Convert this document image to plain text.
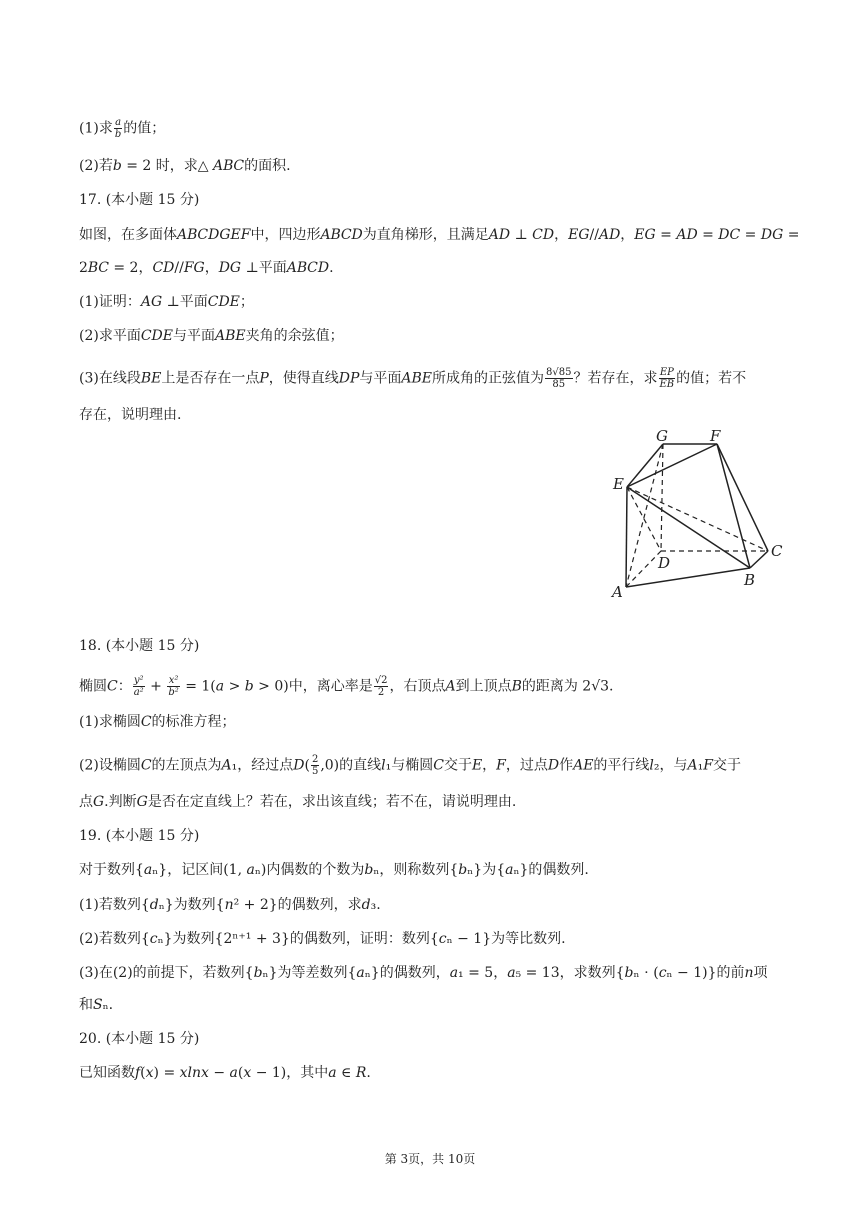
(1)求 $\frac{a}{b}$ 的值；
(2)若𝑏 = 2 时，求△ 𝐴𝐵𝐶的面积.
17. (本小题 15 分)
如图，在多面体𝐴𝐵𝐶𝐷𝐺𝐸𝐹中，四边形𝐴𝐵𝐶𝐷为直角梯形，且满足𝐴𝐷 ⊥ 𝐶𝐷，𝐸𝐺//𝐴𝐷，𝐸𝐺 = 𝐴𝐷 = 𝐷𝐶 = 𝐷𝐺 =
2𝐵𝐶 = 2，𝐶𝐷//𝐹𝐺，𝐷𝐺 ⊥平面𝐴𝐵𝐶𝐷.
(1)证明：𝐴𝐺 ⊥平面𝐶𝐷𝐸；
(2)求平面𝐶𝐷𝐸与平面𝐴𝐵𝐸夹角的余弦值；
(3)在线段𝐵𝐸上是否存在一点𝑃，使得直线𝐷𝑃与平面𝐴𝐵𝐸所成角的正弦值为 $\frac{8√85}{85}$ ？若存在，求 $\frac{EP}{EB}$ 的值；若不
存在，说明理由.
G	F
E
D
C
A
B
18. (本小题 15 分)
椭圆𝐶： $\frac{\text{y²}}{\text{a²}} + \frac{\text{x²}}{\text{b²}}$ = 1(𝑎 > 𝑏 > 0)中，离心率是 $\frac{√2}{2}$ ，右顶点𝐴到上顶点𝐵的距离为 2√3.
(1)求椭圆𝐶的标准方程；
(2)设椭圆𝐶的左顶点为𝐴₁，经过点𝐷( $\frac{2}{5} ,0$)的直线𝑙₁与椭圆𝐶交于𝐸，𝐹，过点𝐷作𝐴𝐸的平行线𝑙₂，与𝐴₁𝐹交于
点𝐺.判断𝐺是否在定直线上？若在，求出该直线；若不在，请说明理由.
19. (本小题 15 分)
对于数列{𝑎ₙ}，记区间(1, 𝑎ₙ)内偶数的个数为𝑏ₙ，则称数列{𝑏ₙ}为{𝑎ₙ}的偶数列.
(1)若数列{𝑑ₙ}为数列{𝑛² + 2}的偶数列，求𝑑₃.
(2)若数列{𝑐ₙ}为数列{2ⁿ⁺¹ + 3}的偶数列，证明：数列{𝑐ₙ − 1}为等比数列.
(3)在(2)的前提下，若数列{𝑏ₙ}为等差数列{𝑎ₙ}的偶数列，𝑎₁ = 5，𝑎₅ = 13，求数列{𝑏ₙ ⋅ (𝑐ₙ − 1)}的前𝑛项
和𝑆ₙ.
20. (本小题 15 分)
已知函数𝑓(𝑥) = 𝑥𝑙𝑛𝑥 − 𝑎(𝑥 − 1)，其中𝑎 ∈ 𝑅.
第 3页，共 10页
